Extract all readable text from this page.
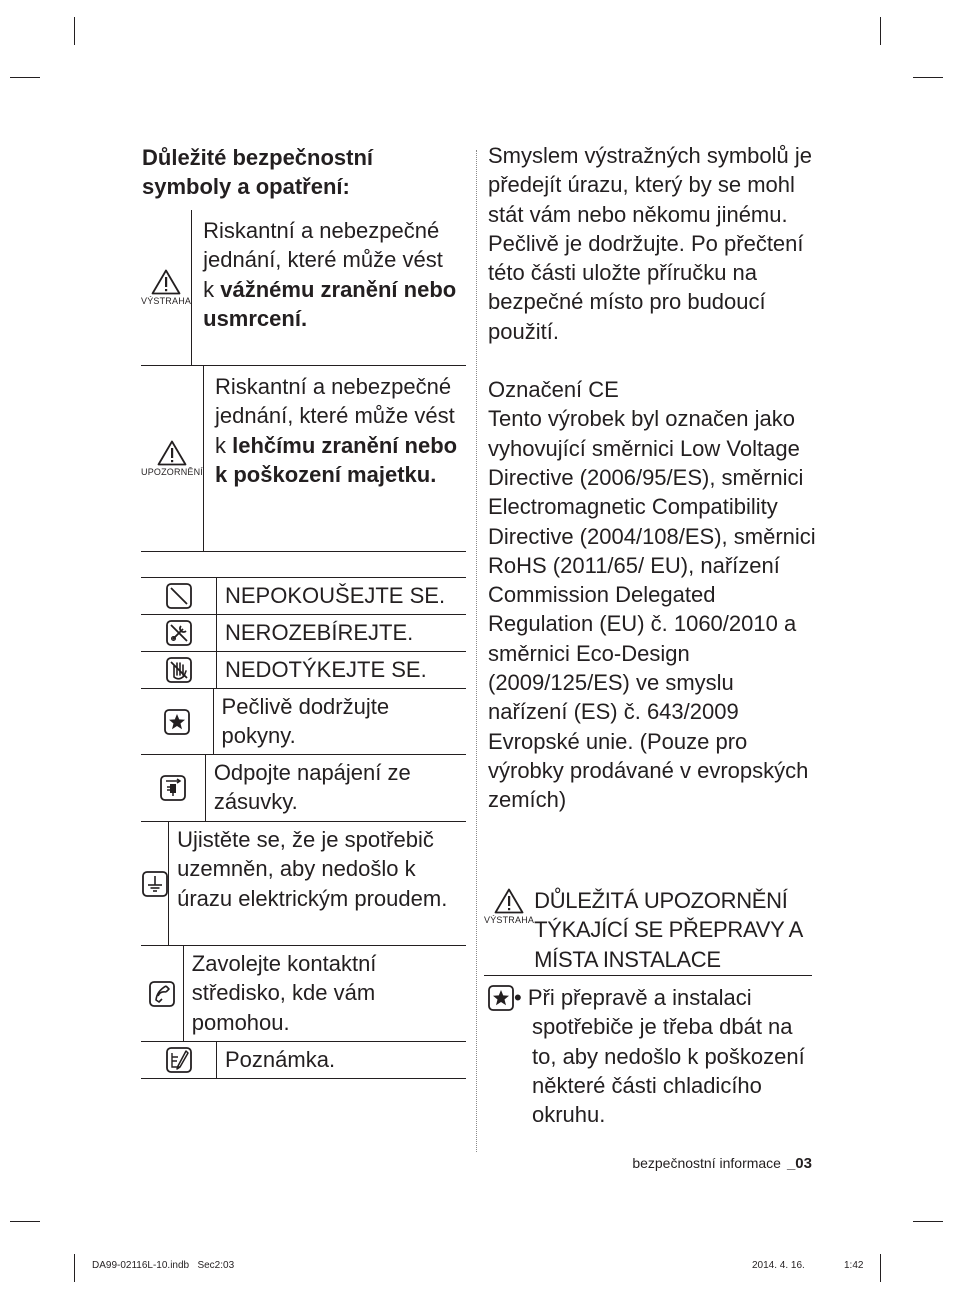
Důležité bezpečnostní symboly a opatření:
VÝSTRAHA
Riskantní a nebezpečné jednání, které může vést k vážnému zranění nebo usmrcení.
UPOZORNĚNÍ
Riskantní a nebezpečné jednání, které může vést k lehčímu zranění nebo k poškození majetku.
NEPOKOUŠEJTE SE.
NEROZEBÍREJTE.
NEDOTÝKEJTE SE.
Pečlivě dodržujte pokyny.
Odpojte napájení ze zásuvky.
Ujistěte se, že je spotřebič uzemněn, aby nedošlo k úrazu elektrickým proudem.
Zavolejte kontaktní středisko, kde vám pomohou.
Poznámka.

Smyslem výstražných symbolů je předejít úrazu, který by se mohl stát vám nebo někomu jinému. Pečlivě je dodržujte. Po přečtení této části uložte příručku na bezpečné místo pro budoucí použití.

Označení CE

Tento výrobek byl označen jako vyhovující směrnici Low Voltage Directive (2006/95/ES), směrnici Electromagnetic Compatibility Directive (2004/108/ES), směrnici RoHS (2011/65/ EU), nařízení Commission Delegated Regulation (EU) č. 1060/2010 a směrnici Eco-Design (2009/125/ES) ve smyslu nařízení (ES) č. 643/2009 Evropské unie. (Pouze pro výrobky prodávané v evropských zemích)

VÝSTRAHA
DŮLEŽITÁ UPOZORNĚNÍ TÝKAJÍCÍ SE PŘEPRAVY A MÍSTA INSTALACE
• Při přepravě a instalaci spotřebiče je třeba dbát na to, aby nedošlo k poškození některé části chladicího okruhu.
bezpečnostní informace _03
DA99-02116L-10.indb   Sec2:03	2014. 4. 16.	1:42
